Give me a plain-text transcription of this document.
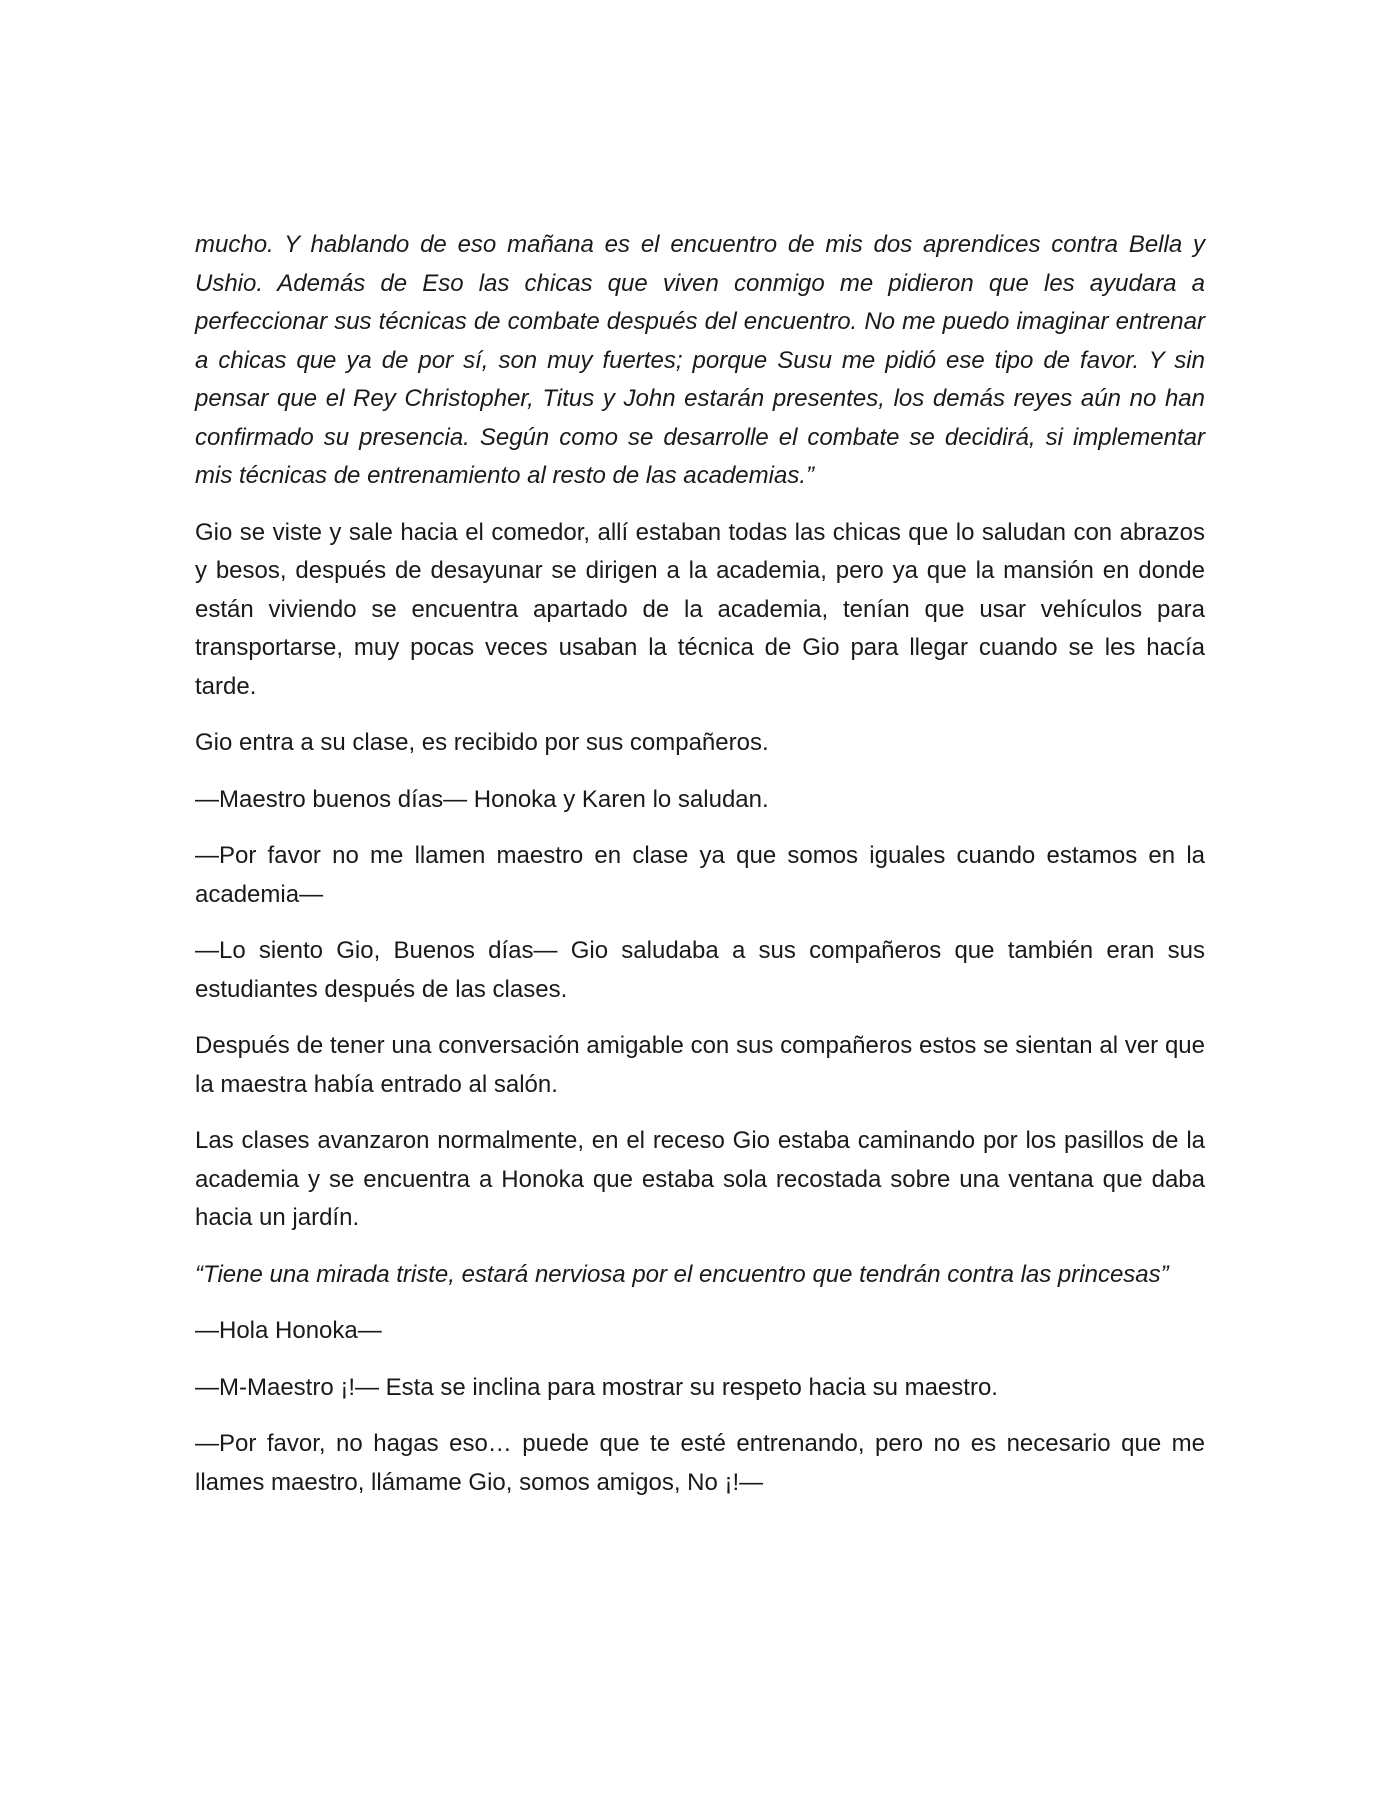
mucho. Y hablando de eso mañana es el encuentro de mis dos aprendices contra Bella y Ushio. Además de Eso las chicas que viven conmigo me pidieron que les ayudara a perfeccionar sus técnicas de combate después del encuentro. No me puedo imaginar entrenar a chicas que ya de por sí, son muy fuertes; porque Susu me pidió ese tipo de favor. Y sin pensar que el Rey Christopher, Titus y John estarán presentes, los demás reyes aún no han confirmado su presencia. Según como se desarrolle el combate se decidirá, si implementar mis técnicas de entrenamiento al resto de las academias.”

Gio se viste y sale hacia el comedor, allí estaban todas las chicas que lo saludan con abrazos y besos, después de desayunar se dirigen a la academia, pero ya que la mansión en donde están viviendo se encuentra apartado de la academia, tenían que usar vehículos para transportarse, muy pocas veces usaban la técnica de Gio para llegar cuando se les hacía tarde.

Gio entra a su clase, es recibido por sus compañeros.

—Maestro buenos días— Honoka y Karen lo saludan.

—Por favor no me llamen maestro en clase ya que somos iguales cuando estamos en la academia—

—Lo siento Gio, Buenos días— Gio saludaba a sus compañeros que también eran sus estudiantes después de las clases.

Después de tener una conversación amigable con sus compañeros estos se sientan al ver que la maestra había entrado al salón.

Las clases avanzaron normalmente, en el receso Gio estaba caminando por los pasillos de la academia y se encuentra a Honoka que estaba sola recostada sobre una ventana que daba hacia un jardín.

“Tiene una mirada triste, estará nerviosa por el encuentro que tendrán contra las princesas”

—Hola Honoka—

—M-Maestro ¡!— Esta se inclina para mostrar su respeto hacia su maestro.

—Por favor, no hagas eso… puede que te esté entrenando, pero no es necesario que me llames maestro, llámame Gio, somos amigos, No ¡!—
